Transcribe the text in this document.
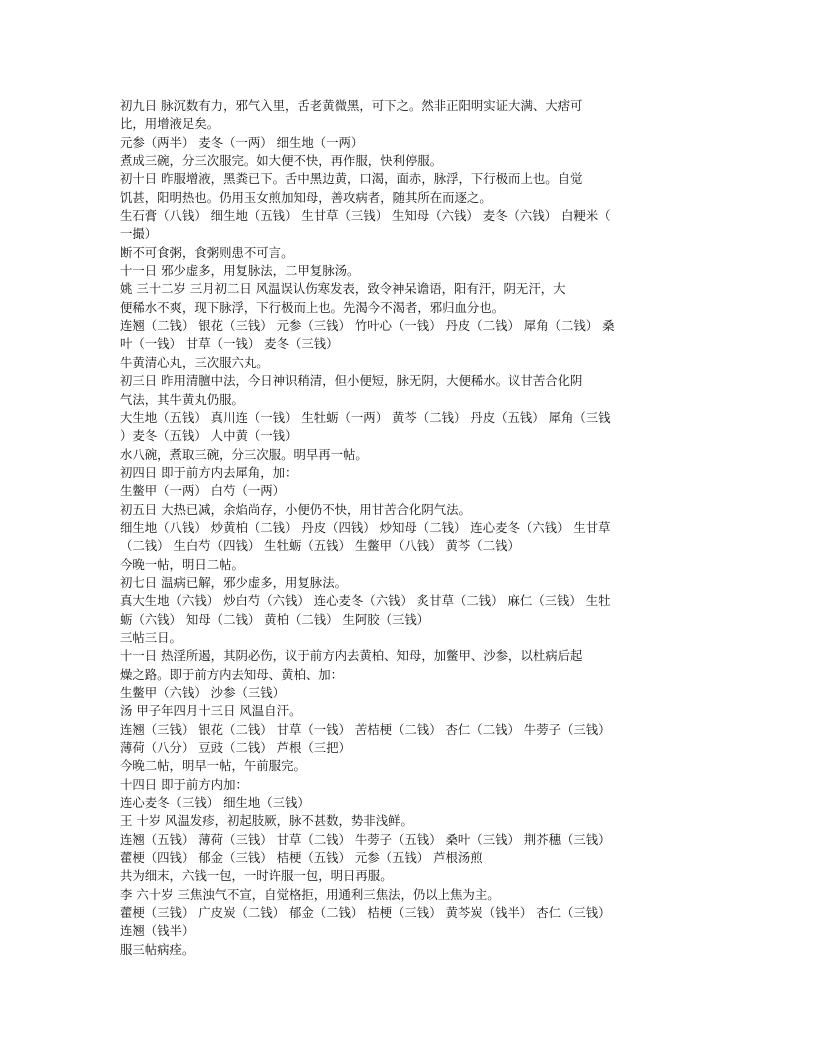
初九日 脉沉数有力，邪气入里，舌老黄微黑，可下之。然非正阳明实证大满、大痞可
比，用增液足矣。
元参（两半） 麦冬（一两） 细生地（一两）
煮成三碗，分三次服完。如大便不快，再作服，快利停服。
初十日 昨服增液，黑粪已下。舌中黑边黄，口渴，面赤，脉浮，下行极而上也。自觉
饥甚，阳明热也。仍用玉女煎加知母，善攻病者，随其所在而逐之。
生石膏（八钱） 细生地（五钱） 生甘草（三钱） 生知母（六钱） 麦冬（六钱） 白粳米（
一撮）
断不可食粥，食粥则患不可言。
十一日 邪少虚多，用复脉法，二甲复脉汤。
姚 三十二岁 三月初二日 风温误认伤寒发表，致令神呆谵语，阳有汗，阴无汗，大
便稀水不爽，现下脉浮，下行极而上也。先渴今不渴者，邪归血分也。
连翘（二钱） 银花（三钱） 元参（三钱） 竹叶心（一钱） 丹皮（二钱） 犀角（二钱） 桑
叶（一钱） 甘草（一钱） 麦冬（三钱）
牛黄清心丸，三次服六丸。
初三日 昨用清膻中法，今日神识稍清，但小便短，脉无阴，大便稀水。议甘苦合化阴
气法，其牛黄丸仍服。
大生地（五钱） 真川连（一钱） 生牡蛎（一两） 黄芩（二钱） 丹皮（五钱） 犀角（三钱
）麦冬（五钱） 人中黄（一钱）
水八碗，煮取三碗，分三次服。明早再一帖。
初四日 即于前方内去犀角，加：
生鳖甲（一两） 白芍（一两）
初五日 大热已减，余焰尚存，小便仍不快，用甘苦合化阴气法。
细生地（八钱） 炒黄柏（二钱） 丹皮（四钱） 炒知母（二钱） 连心麦冬（六钱） 生甘草
（二钱） 生白芍（四钱） 生牡蛎（五钱） 生鳖甲（八钱） 黄芩（二钱）
今晚一帖，明日二帖。
初七日 温病已解，邪少虚多，用复脉法。
真大生地（六钱） 炒白芍（六钱） 连心麦冬（六钱） 炙甘草（二钱） 麻仁（三钱） 生牡
蛎（六钱） 知母（二钱） 黄柏（二钱） 生阿胶（三钱）
三帖三日。
十一日 热淫所遏，其阴必伤，议于前方内去黄柏、知母，加鳖甲、沙参，以杜病后起
燥之路。即于前方内去知母、黄柏、加：
生鳖甲（六钱） 沙参（三钱）
汤 甲子年四月十三日 风温自汗。
连翘（三钱） 银花（二钱） 甘草（一钱） 苦桔梗（二钱） 杏仁（二钱） 牛蒡子（三钱）
薄荷（八分） 豆豉（二钱） 芦根（三把）
今晚二帖，明早一帖，午前服完。
十四日 即于前方内加：
连心麦冬（三钱） 细生地（三钱）
王 十岁 风温发疹，初起肢厥，脉不甚数，势非浅鲜。
连翘（五钱） 薄荷（三钱） 甘草（二钱） 牛蒡子（五钱） 桑叶（三钱） 荆芥穗（三钱）
藿梗（四钱） 郁金（三钱） 桔梗（五钱） 元参（五钱） 芦根汤煎
共为细末，六钱一包，一时许服一包，明日再服。
李 六十岁 三焦浊气不宣，自觉格拒，用通利三焦法，仍以上焦为主。
藿梗（三钱） 广皮炭（二钱） 郁金（二钱） 桔梗（三钱） 黄芩炭（钱半） 杏仁（三钱）
连翘（钱半）
服三帖病痊。
